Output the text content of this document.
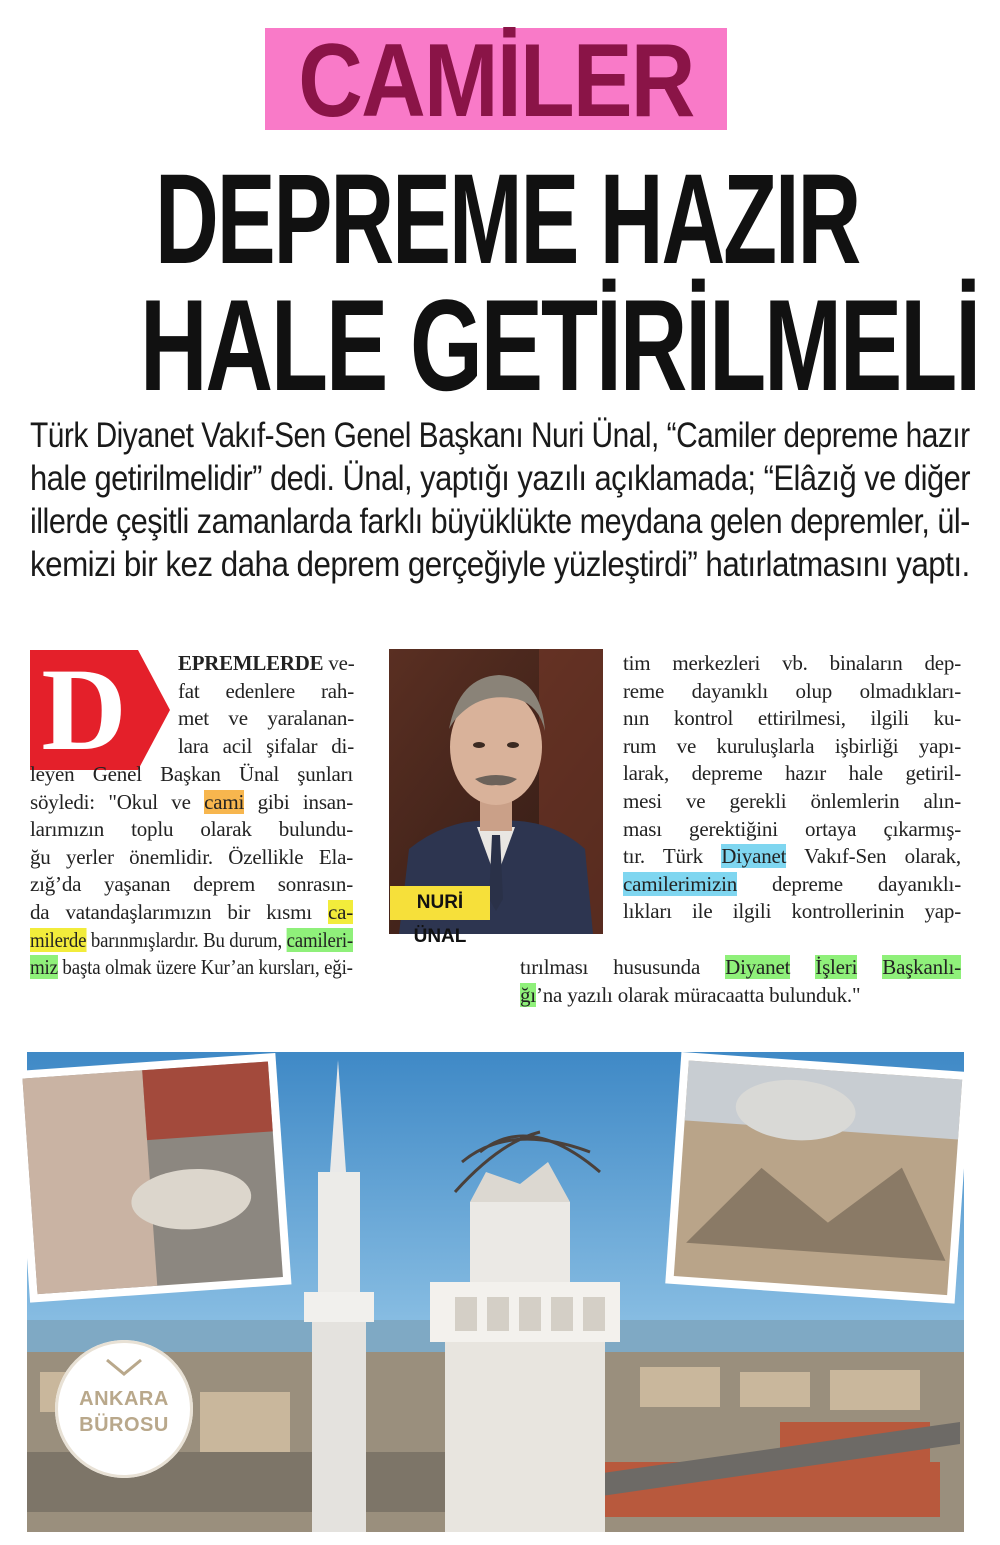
CAMİLER
DEPREME HAZIR
HALE GETİRİLMELİ
Türk Diyanet Vakıf-Sen Genel Başkanı Nuri Ünal, “Camiler depreme hazır
hale getirilmelidir” dedi. Ünal, yaptığı yazılı açıklamada; “Elâzığ ve diğer
illerde çeşitli zamanlarda farklı büyüklükte meydana gelen depremler, ül-
kemizi bir kez daha deprem gerçeğiyle yüzleştirdi” hatırlatmasını yaptı.
D	EPREMLERDE ve-
fat edenlere rah-
met ve yaralanan-
lara acil şifalar di-
leyen Genel Başkan Ünal şunları
söyledi: "Okul ve cami gibi insan-
larımızın toplu olarak bulundu-
ğu yerler önemlidir. Özellikle Ela-
zığ’da yaşanan deprem sonrasın-
da vatandaşlarımızın bir kısmı ca-
milerde barınmışlardır. Bu durum, camileri-
miz başta olmak üzere Kur’an kursları, eği-
NURİ ÜNAL
tim merkezleri vb. binaların dep-
reme dayanıklı olup olmadıkları-
nın kontrol ettirilmesi, ilgili ku-
rum ve kuruluşlarla işbirliği yapı-
larak, depreme hazır hale getiril-
mesi ve gerekli önlemlerin alın-
ması gerektiğini ortaya çıkarmış-
tır. Türk Diyanet Vakıf-Sen olarak,
camilerimizin depreme dayanıklı-
lıkları ile ilgili kontrollerinin yap-
tırılması hususunda Diyanet İşleri Başkanlı-
ğı’na yazılı olarak müracaatta bulunduk."
ANKARA
BÜROSU
